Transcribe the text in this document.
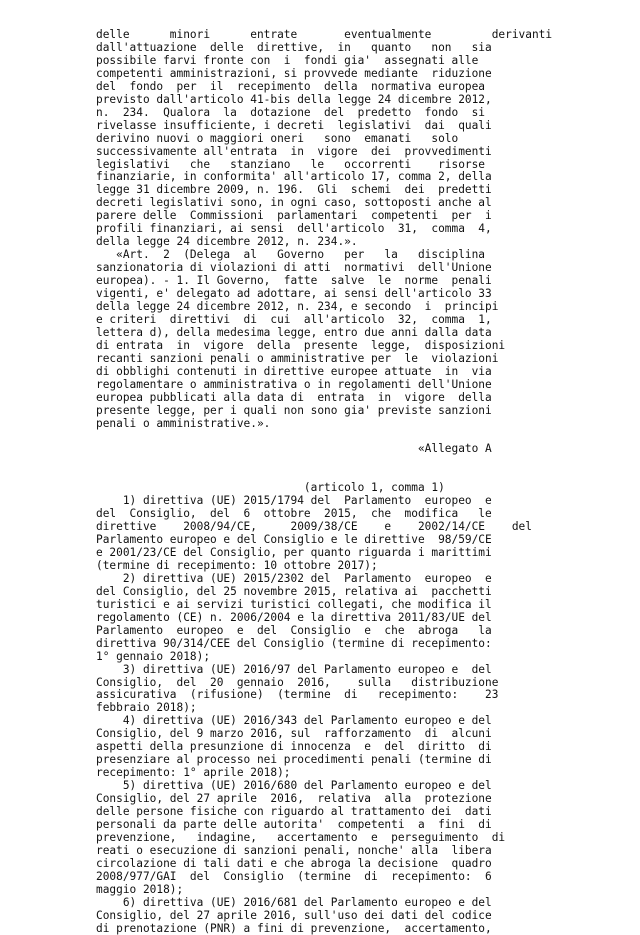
delle      minori      entrate       eventualmente         derivanti
dall'attuazione  delle  direttive,  in   quanto   non   sia
possibile farvi fronte con  i  fondi gia'  assegnati alle
competenti amministrazioni, si provvede mediante  riduzione
del  fondo  per  il  recepimento  della  normativa europea
previsto dall'articolo 41-bis della legge 24 dicembre 2012,
n.  234.  Qualora  la  dotazione  del  predetto  fondo  si
rivelasse insufficiente, i decreti  legislativi  dai  quali
derivino nuovi o maggiori oneri   sono  emanati   solo
successivamente all'entrata  in  vigore  dei  provvedimenti
legislativi   che   stanziano   le   occorrenti    risorse
finanziarie, in conformita' all'articolo 17, comma 2, della
legge 31 dicembre 2009, n. 196.  Gli  schemi  dei  predetti
decreti legislativi sono, in ogni caso, sottoposti anche al
parere delle  Commissioni  parlamentari  competenti  per  i
profili finanziari, ai sensi  dell'articolo  31,  comma  4,
della legge 24 dicembre 2012, n. 234.».
«Art.  2  (Delega  al   Governo   per   la   disciplina
sanzionatoria di violazioni di atti  normativi  dell'Unione
europea). - 1. Il Governo,  fatte  salve  le  norme  penali
vigenti, e' delegato ad adottare, ai sensi dell'articolo 33
della legge 24 dicembre 2012, n. 234, e secondo  i  principi
e criteri  direttivi  di  cui  all'articolo  32,  comma  1,
lettera d), della medesima legge, entro due anni dalla data
di entrata  in  vigore  della  presente  legge,  disposizioni
recanti sanzioni penali o amministrative per  le  violazioni
di obblighi contenuti in direttive europee attuate  in  via
regolamentare o amministrativa o in regolamenti dell'Unione
europea pubblicati alla data di  entrata  in  vigore  della
presente legge, per i quali non sono gia' previste sanzioni
penali o amministrative.».
«Allegato A
(articolo 1, comma 1)
1) direttiva (UE) 2015/1794 del  Parlamento  europeo  e
del  Consiglio,  del  6  ottobre  2015,  che  modifica   le
direttive    2008/94/CE,     2009/38/CE    e    2002/14/CE    del
Parlamento europeo e del Consiglio e le direttive  98/59/CE
e 2001/23/CE del Consiglio, per quanto riguarda i marittimi
(termine di recepimento: 10 ottobre 2017);
2) direttiva (UE) 2015/2302 del  Parlamento  europeo  e
del Consiglio, del 25 novembre 2015, relativa ai  pacchetti
turistici e ai servizi turistici collegati, che modifica il
regolamento (CE) n. 2006/2004 e la direttiva 2011/83/UE del
Parlamento  europeo  e  del  Consiglio  e  che  abroga   la
direttiva 90/314/CEE del Consiglio (termine di recepimento:
1° gennaio 2018);
3) direttiva (UE) 2016/97 del Parlamento europeo e  del
Consiglio,  del  20  gennaio  2016,    sulla   distribuzione
assicurativa  (rifusione)  (termine  di   recepimento:    23
febbraio 2018);
4) direttiva (UE) 2016/343 del Parlamento europeo e del
Consiglio, del 9 marzo 2016, sul  rafforzamento  di  alcuni
aspetti della presunzione di innocenza  e  del  diritto  di
presenziare al processo nei procedimenti penali (termine di
recepimento: 1° aprile 2018);
5) direttiva (UE) 2016/680 del Parlamento europeo e del
Consiglio, del 27 aprile  2016,  relativa  alla  protezione
delle persone fisiche con riguardo al trattamento dei  dati
personali da parte delle autorita'  competenti  a  fini  di
prevenzione,   indagine,   accertamento  e  perseguimento  di
reati o esecuzione di sanzioni penali, nonche' alla  libera
circolazione di tali dati e che abroga la decisione  quadro
2008/977/GAI  del  Consiglio  (termine  di  recepimento:  6
maggio 2018);
6) direttiva (UE) 2016/681 del Parlamento europeo e del
Consiglio, del 27 aprile 2016, sull'uso dei dati del codice
di prenotazione (PNR) a fini di prevenzione,  accertamento,
